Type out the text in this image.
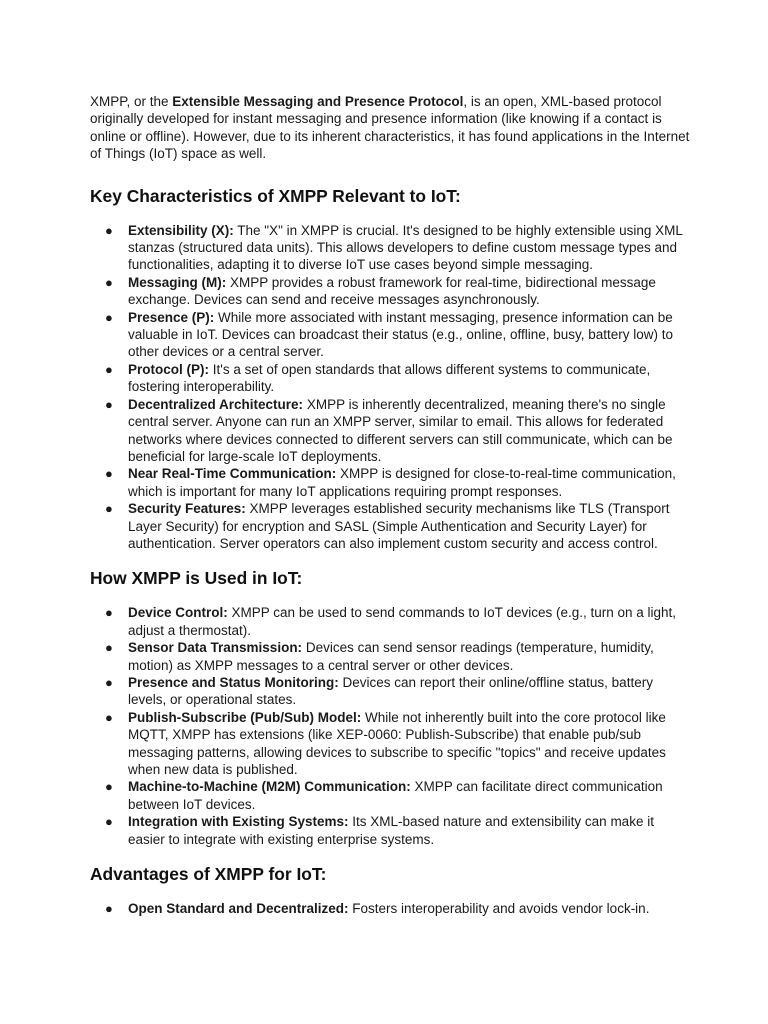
XMPP, or the Extensible Messaging and Presence Protocol, is an open, XML-based protocol originally developed for instant messaging and presence information (like knowing if a contact is online or offline). However, due to its inherent characteristics, it has found applications in the Internet of Things (IoT) space as well.

Key Characteristics of XMPP Relevant to IoT:
● Extensibility (X): The "X" in XMPP is crucial. It's designed to be highly extensible using XML stanzas (structured data units). This allows developers to define custom message types and functionalities, adapting it to diverse IoT use cases beyond simple messaging.
● Messaging (M): XMPP provides a robust framework for real-time, bidirectional message exchange. Devices can send and receive messages asynchronously.
● Presence (P): While more associated with instant messaging, presence information can be valuable in IoT. Devices can broadcast their status (e.g., online, offline, busy, battery low) to other devices or a central server.
● Protocol (P): It's a set of open standards that allows different systems to communicate, fostering interoperability.
● Decentralized Architecture: XMPP is inherently decentralized, meaning there's no single central server. Anyone can run an XMPP server, similar to email. This allows for federated networks where devices connected to different servers can still communicate, which can be beneficial for large-scale IoT deployments.
● Near Real-Time Communication: XMPP is designed for close-to-real-time communication, which is important for many IoT applications requiring prompt responses.
● Security Features: XMPP leverages established security mechanisms like TLS (Transport Layer Security) for encryption and SASL (Simple Authentication and Security Layer) for authentication. Server operators can also implement custom security and access control.
How XMPP is Used in IoT:
● Device Control: XMPP can be used to send commands to IoT devices (e.g., turn on a light, adjust a thermostat).
● Sensor Data Transmission: Devices can send sensor readings (temperature, humidity, motion) as XMPP messages to a central server or other devices.
● Presence and Status Monitoring: Devices can report their online/offline status, battery levels, or operational states.
● Publish-Subscribe (Pub/Sub) Model: While not inherently built into the core protocol like MQTT, XMPP has extensions (like XEP-0060: Publish-Subscribe) that enable pub/sub messaging patterns, allowing devices to subscribe to specific "topics" and receive updates when new data is published.
● Machine-to-Machine (M2M) Communication: XMPP can facilitate direct communication between IoT devices.
● Integration with Existing Systems: Its XML-based nature and extensibility can make it easier to integrate with existing enterprise systems.
Advantages of XMPP for IoT:
● Open Standard and Decentralized: Fosters interoperability and avoids vendor lock-in.
